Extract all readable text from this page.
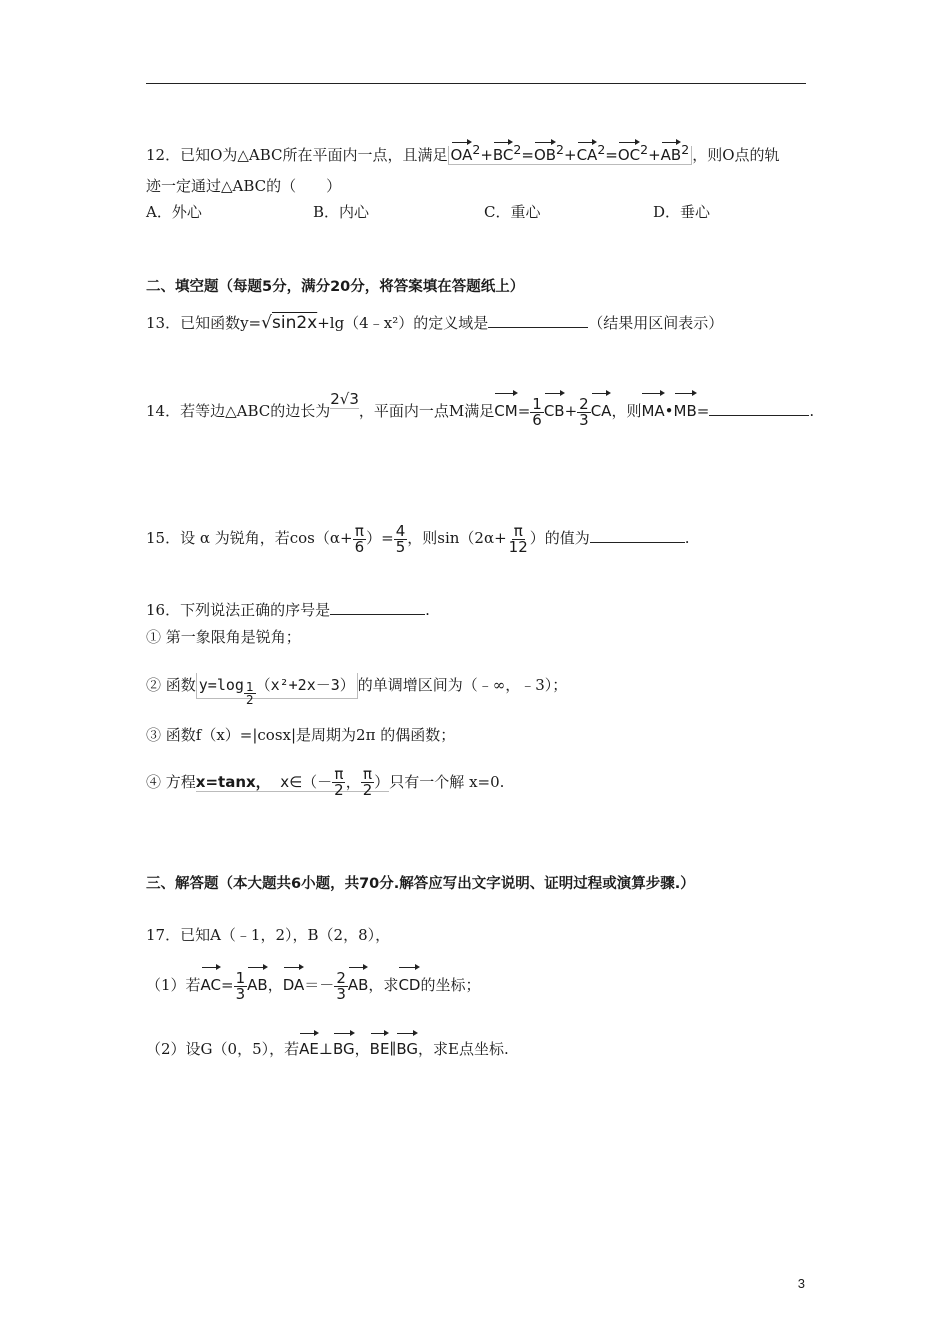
12．已知O为△ABC所在平面内一点，且满足 $OA^2+BC^2=OB^2+CA^2=OC^2+AB^2$ ，则O点的轨
迹一定通过△ABC的（　　）
A．外心	B．内心	C．重心	D．垂心
二、填空题（每题5分，满分20分，将答案填在答题纸上）
13．已知函数y=√sin2x+lg（4﹣x²）的定义域是	（结果用区间表示）
14．若等边△ABC的边长为2√3，平面内一点M满足$CM= \frac{1}{6} CB+ \frac{2}{3}$ CA，则MA•MB=	.
15．设 α 为锐角，若$\cos(\alpha+ \frac{\pi}{6}$ ）= $\frac{4}{5}$ ，则$\sin(2\alpha+ \frac{\pi}{12}$ ）的值为	.
16．下列说法正确的序号是	.
① 第一象限角是锐角；
② 函数 $y=\log \frac{1}{2} (x^2+2x-3)$ 的单调增区间为（﹣∞，﹣3）；
③ 函数f（x）=|cosx|是周期为2π 的偶函数；
④ 方程x=tanx， x∈（－ $\frac{\pi}{2}$ ， $\frac{\pi}{2}$ ）只有一个解 x=0.
三、解答题（本大题共6小题，共70分.解答应写出文字说明、证明过程或演算步骤.）
17．已知A（﹣1，2），B（2，8），
（1）若$AC= \frac{1}{3}$ AB，$DA=- \frac{2}{3}$ AB，求CD的坐标；
（2）设G（0，5），若AE⊥BG，BE∥BG，求E点坐标.
3
